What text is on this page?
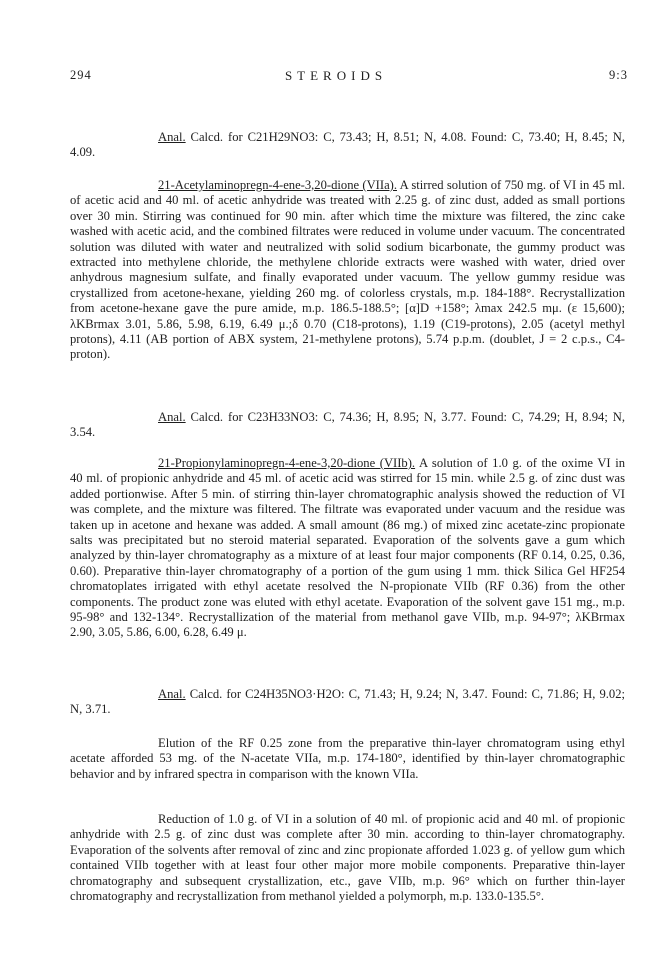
294	STEROIDS	9:3

Anal. Calcd. for C21H29NO3: C, 73.43; H, 8.51; N, 4.08. Found: C, 73.40; H, 8.45; N, 4.09.

21-Acetylaminopregn-4-ene-3,20-dione (VIIa). A stirred solution of 750 mg. of VI in 45 ml. of acetic acid and 40 ml. of acetic anhydride was treated with 2.25 g. of zinc dust, added as small portions over 30 min. Stirring was continued for 90 min. after which time the mixture was filtered, the zinc cake washed with acetic acid, and the combined filtrates were reduced in volume under vacuum. The concentrated solution was diluted with water and neutralized with solid sodium bicarbonate, the gummy product was extracted into methylene chloride, the methylene chloride extracts were washed with water, dried over anhydrous magnesium sulfate, and finally evaporated under vacuum. The yellow gummy residue was crystallized from acetone-hexane, yielding 260 mg. of colorless crystals, m.p. 184-188°. Recrystallization from acetone-hexane gave the pure amide, m.p. 186.5-188.5°; [α]D +158°; λmax 242.5 mμ. (ε 15,600); λKBrmax 3.01, 5.86, 5.98, 6.19, 6.49 μ.;δ 0.70 (C18-protons), 1.19 (C19-protons), 2.05 (acetyl methyl protons), 4.11 (AB portion of ABX system, 21-methylene protons), 5.74 p.p.m. (doublet, J = 2 c.p.s., C4-proton).

Anal. Calcd. for C23H33NO3: C, 74.36; H, 8.95; N, 3.77. Found: C, 74.29; H, 8.94; N, 3.54.

21-Propionylaminopregn-4-ene-3,20-dione (VIIb). A solution of 1.0 g. of the oxime VI in 40 ml. of propionic anhydride and 45 ml. of acetic acid was stirred for 15 min. while 2.5 g. of zinc dust was added portionwise. After 5 min. of stirring thin-layer chromatographic analysis showed the reduction of VI was complete, and the mixture was filtered. The filtrate was evaporated under vacuum and the residue was taken up in acetone and hexane was added. A small amount (86 mg.) of mixed zinc acetate-zinc propionate salts was precipitated but no steroid material separated. Evaporation of the solvents gave a gum which analyzed by thin-layer chromatography as a mixture of at least four major components (RF 0.14, 0.25, 0.36, 0.60). Preparative thin-layer chromatography of a portion of the gum using 1 mm. thick Silica Gel HF254 chromatoplates irrigated with ethyl acetate resolved the N-propionate VIIb (RF 0.36) from the other components. The product zone was eluted with ethyl acetate. Evaporation of the solvent gave 151 mg., m.p. 95-98° and 132-134°. Recrystallization of the material from methanol gave VIIb, m.p. 94-97°; λKBrmax 2.90, 3.05, 5.86, 6.00, 6.28, 6.49 μ.

Anal. Calcd. for C24H35NO3·H2O: C, 71.43; H, 9.24; N, 3.47. Found: C, 71.86; H, 9.02; N, 3.71.

Elution of the RF 0.25 zone from the preparative thin-layer chromatogram using ethyl acetate afforded 53 mg. of the N-acetate VIIa, m.p. 174-180°, identified by thin-layer chromatographic behavior and by infrared spectra in comparison with the known VIIa.

Reduction of 1.0 g. of VI in a solution of 40 ml. of propionic acid and 40 ml. of propionic anhydride with 2.5 g. of zinc dust was complete after 30 min. according to thin-layer chromatography. Evaporation of the solvents after removal of zinc and zinc propionate afforded 1.023 g. of yellow gum which contained VIIb together with at least four other major more mobile components. Preparative thin-layer chromatography and subsequent crystallization, etc., gave VIIb, m.p. 96° which on further thin-layer chromatography and recrystallization from methanol yielded a polymorph, m.p. 133.0-135.5°.
